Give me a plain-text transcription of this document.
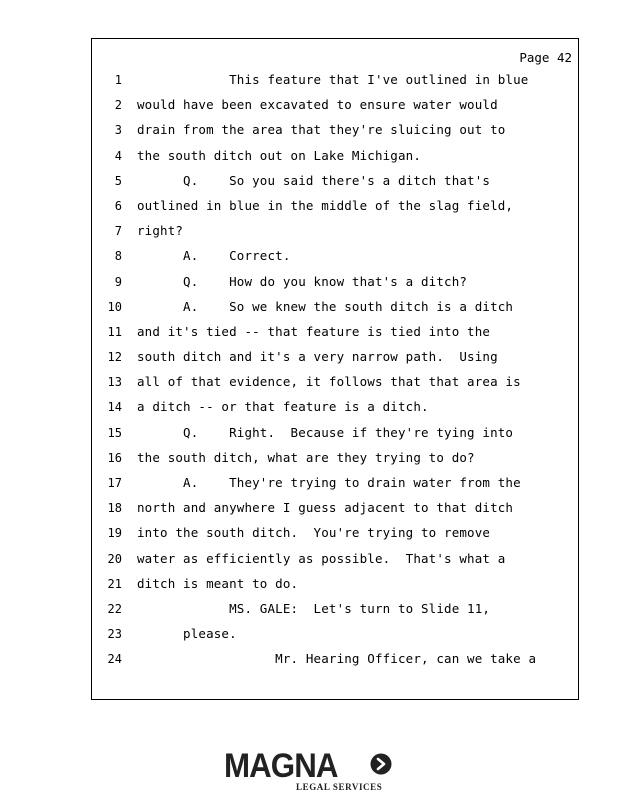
Page 42
1
2
3
4
5
6
7
8
9
10
11
12
13
14
15
16
17
18
19
20
21
22
23
24
This feature that I've outlined in blue
would have been excavated to ensure water would
drain from the area that they're sluicing out to
the south ditch out on Lake Michigan.
Q.    So you said there's a ditch that's
outlined in blue in the middle of the slag field,
right?
A.    Correct.
Q.    How do you know that's a ditch?
A.    So we knew the south ditch is a ditch
and it's tied -- that feature is tied into the
south ditch and it's a very narrow path.  Using
all of that evidence, it follows that that area is
a ditch -- or that feature is a ditch.
Q.    Right.  Because if they're tying into
the south ditch, what are they trying to do?
A.    They're trying to drain water from the
north and anywhere I guess adjacent to that ditch
into the south ditch.  You're trying to remove
water as efficiently as possible.  That's what a
ditch is meant to do.
MS. GALE:  Let's turn to Slide 11,
please.
Mr. Hearing Officer, can we take a
MAGNA
LEGAL SERVICES
